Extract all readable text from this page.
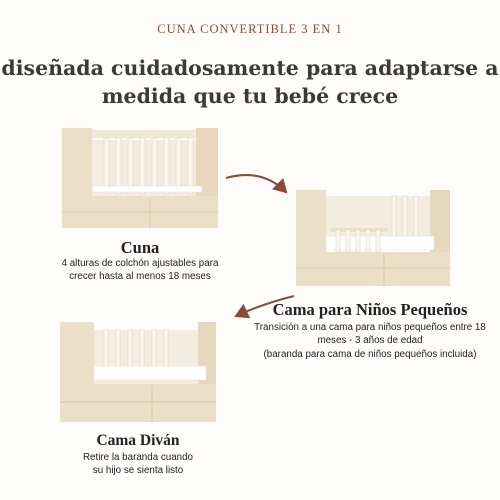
CUNA CONVERTIBLE 3 EN 1
diseñada cuidadosamente para adaptarse a
medida que tu bebé crece
Cuna
4 alturas de colchón ajustables para
crecer hasta al menos 18 meses
Cama para Niños Pequeños
Transición a una cama para niños pequeños entre 18
meses - 3 años de edad
(baranda para cama de niños pequeños incluida)
Cama Diván
Retire la baranda cuando
su hijo se sienta listo
